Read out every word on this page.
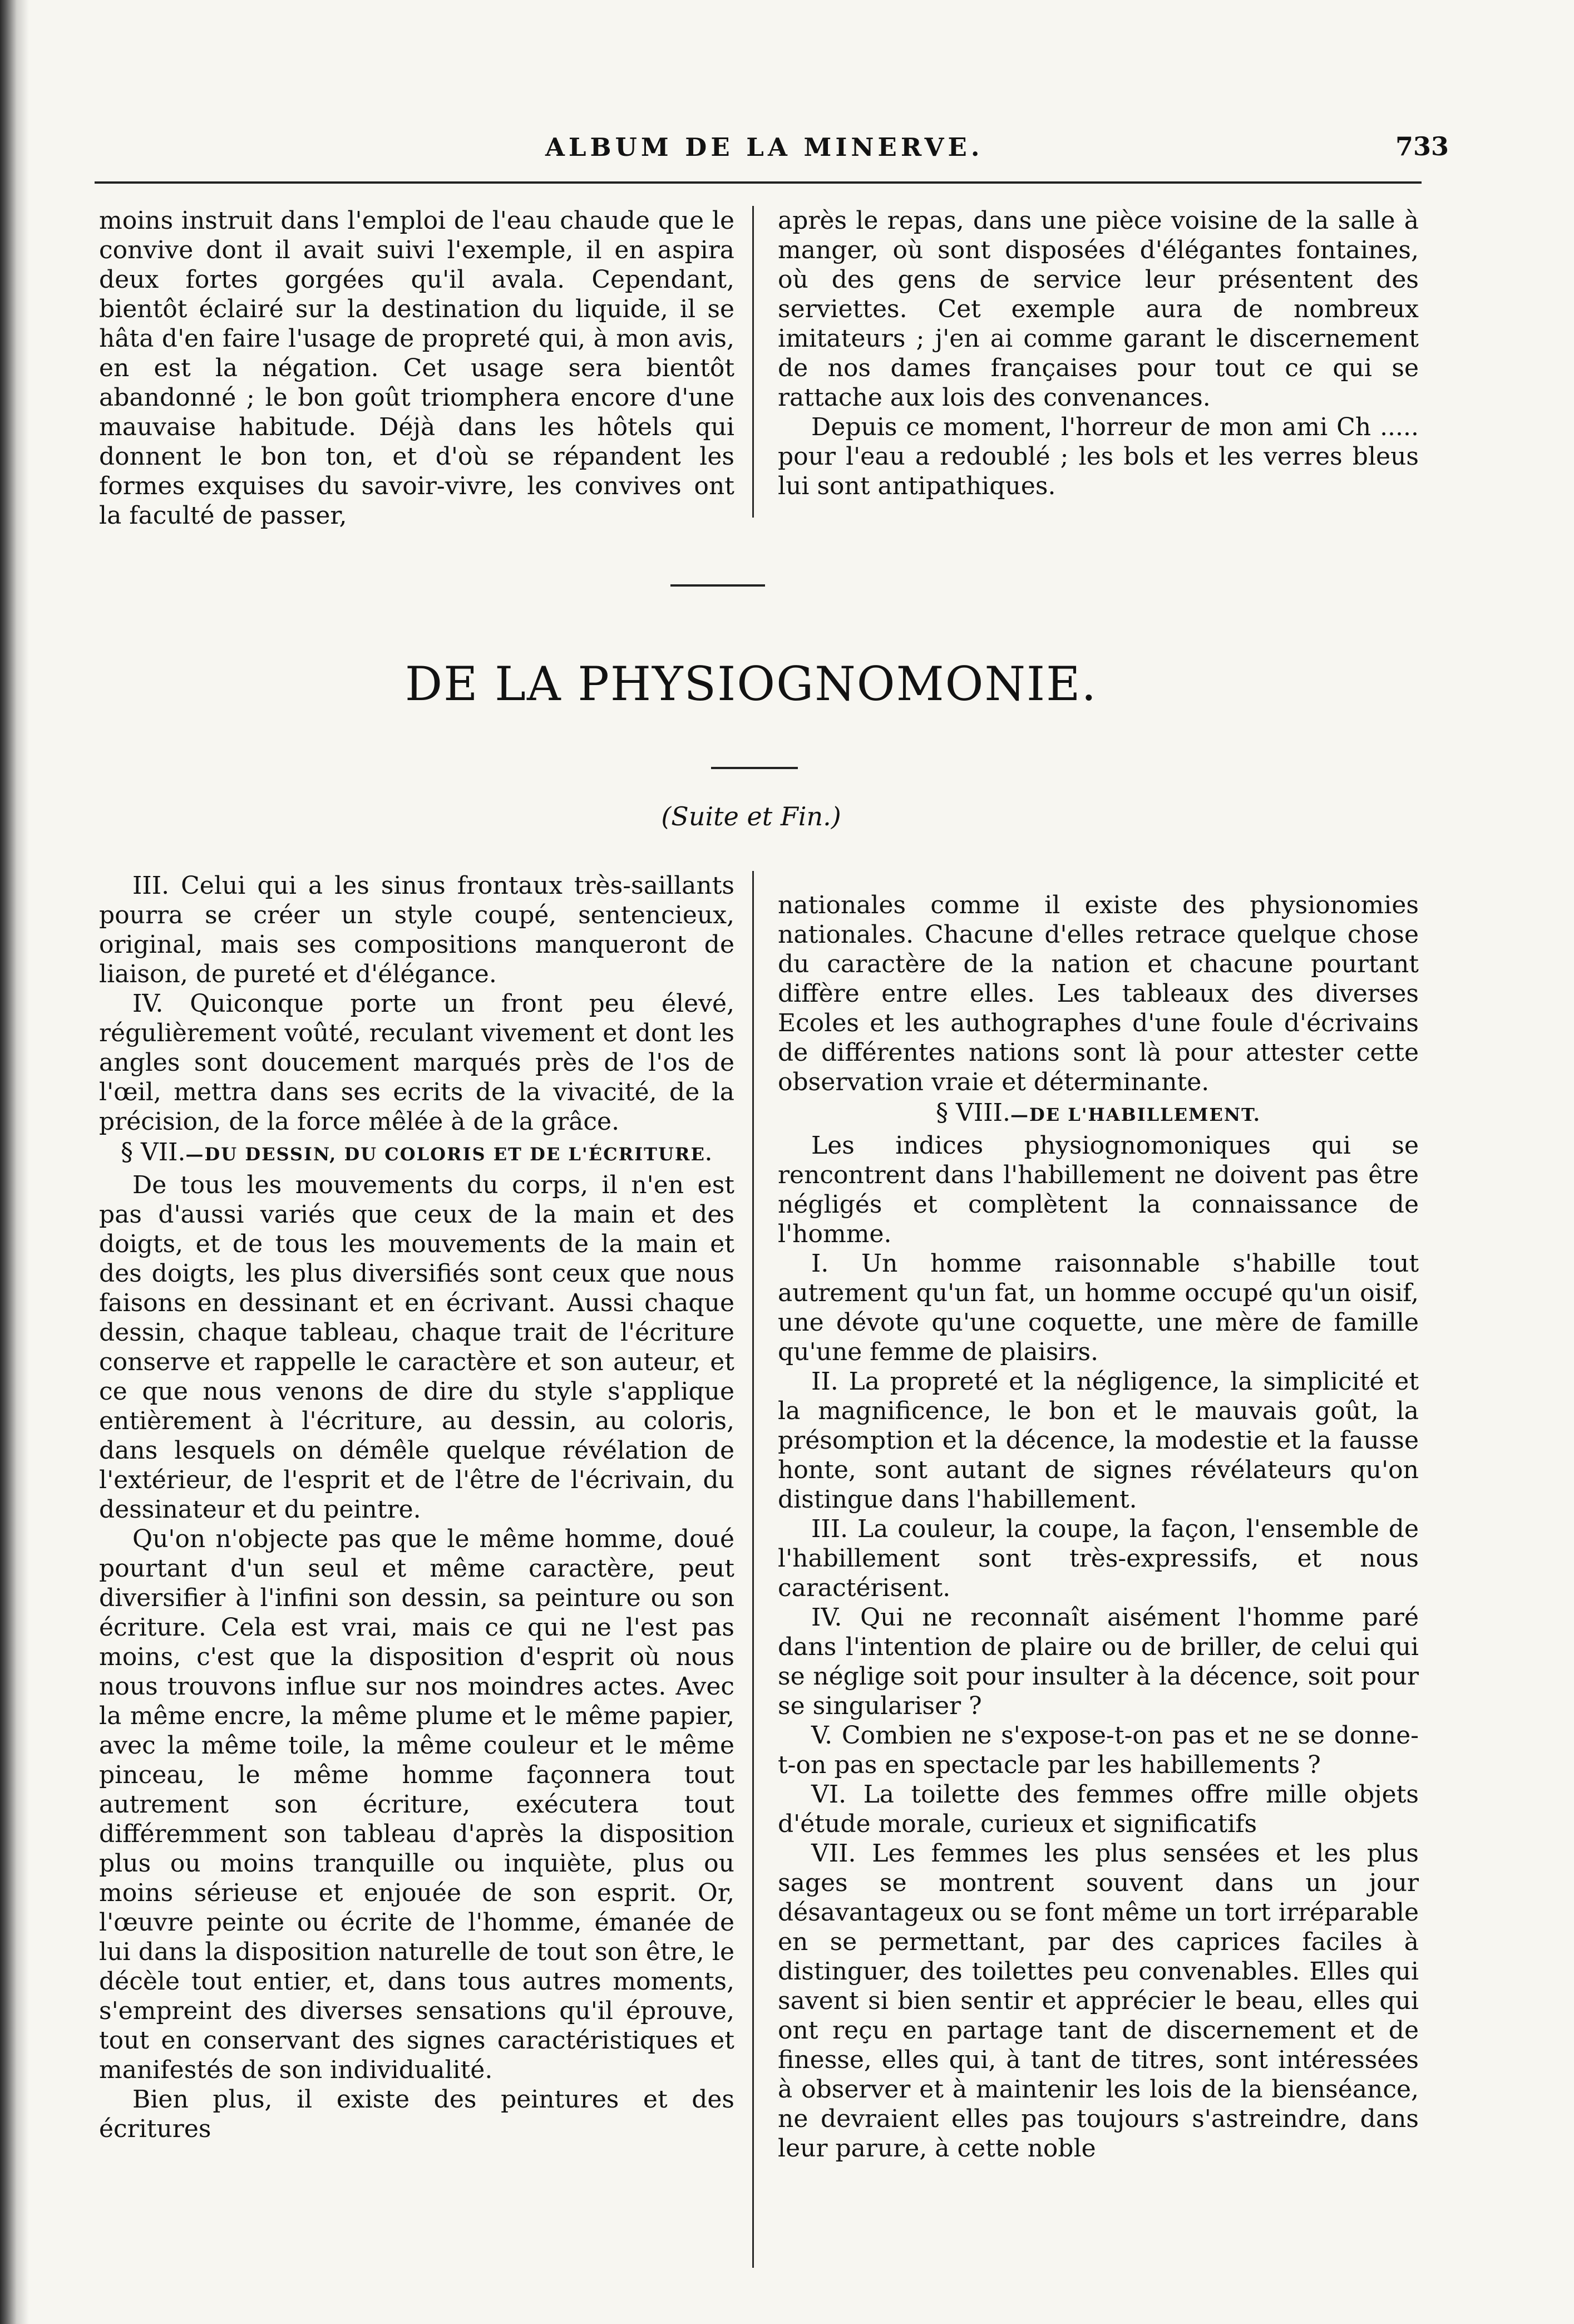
ALBUM DE LA MINERVE.	733

moins instruit dans l'emploi de l'eau chaude que le convive dont il avait suivi l'exemple, il en aspira deux fortes gorgées qu'il avala. Cependant, bientôt éclairé sur la destination du liquide, il se hâta d'en faire l'usage de propreté qui, à mon avis, en est la négation. Cet usage sera bientôt abandonné ; le bon goût triomphera encore d'une mauvaise habitude. Déjà dans les hôtels qui donnent le bon ton, et d'où se répandent les formes exquises du savoir-vivre, les convives ont la faculté de passer,

après le repas, dans une pièce voisine de la salle à manger, où sont disposées d'élégantes fontaines, où des gens de service leur présentent des serviettes. Cet exemple aura de nombreux imitateurs ; j'en ai comme garant le discernement de nos dames françaises pour tout ce qui se rattache aux lois des convenances.

Depuis ce moment, l'horreur de mon ami Ch ..... pour l'eau a redoublé ; les bols et les verres bleus lui sont antipathiques.

DE LA PHYSIOGNOMONIE.
(Suite et Fin.)

III. Celui qui a les sinus frontaux très-saillants pourra se créer un style coupé, sentencieux, original, mais ses compositions manqueront de liaison, de pureté et d'élégance.

IV. Quiconque porte un front peu élevé, régulièrement voûté, reculant vivement et dont les angles sont doucement marqués près de l'os de l'œil, mettra dans ses ecrits de la vivacité, de la précision, de la force mêlée à de la grâce.

§ VII.—DU DESSIN, DU COLORIS ET DE L'ÉCRITURE.

De tous les mouvements du corps, il n'en est pas d'aussi variés que ceux de la main et des doigts, et de tous les mouvements de la main et des doigts, les plus diversifiés sont ceux que nous faisons en dessinant et en écrivant. Aussi chaque dessin, chaque tableau, chaque trait de l'écriture conserve et rappelle le caractère et son auteur, et ce que nous venons de dire du style s'applique entièrement à l'écriture, au dessin, au coloris, dans lesquels on démêle quelque révélation de l'extérieur, de l'esprit et de l'être de l'écrivain, du dessinateur et du peintre.

Qu'on n'objecte pas que le même homme, doué pourtant d'un seul et même caractère, peut diversifier à l'infini son dessin, sa peinture ou son écriture. Cela est vrai, mais ce qui ne l'est pas moins, c'est que la disposition d'esprit où nous nous trouvons influe sur nos moindres actes. Avec la même encre, la même plume et le même papier, avec la même toile, la même couleur et le même pinceau, le même homme façonnera tout autrement son écriture, exécutera tout différemment son tableau d'après la disposition plus ou moins tranquille ou inquiète, plus ou moins sérieuse et enjouée de son esprit. Or, l'œuvre peinte ou écrite de l'homme, émanée de lui dans la disposition naturelle de tout son être, le décèle tout entier, et, dans tous autres moments, s'empreint des diverses sensations qu'il éprouve, tout en conservant des signes caractéristiques et manifestés de son individualité.

Bien plus, il existe des peintures et des écritures

nationales comme il existe des physionomies nationales. Chacune d'elles retrace quelque chose du caractère de la nation et chacune pourtant diffère entre elles. Les tableaux des diverses Ecoles et les authographes d'une foule d'écrivains de différentes nations sont là pour attester cette observation vraie et déterminante.

§ VIII.—DE L'HABILLEMENT.

Les indices physiognomoniques qui se rencontrent dans l'habillement ne doivent pas être négligés et complètent la connaissance de l'homme.

I. Un homme raisonnable s'habille tout autrement qu'un fat, un homme occupé qu'un oisif, une dévote qu'une coquette, une mère de famille qu'une femme de plaisirs.

II. La propreté et la négligence, la simplicité et la magnificence, le bon et le mauvais goût, la présomption et la décence, la modestie et la fausse honte, sont autant de signes révélateurs qu'on distingue dans l'habillement.

III. La couleur, la coupe, la façon, l'ensemble de l'habillement sont très-expressifs, et nous caractérisent.

IV. Qui ne reconnaît aisément l'homme paré dans l'intention de plaire ou de briller, de celui qui se néglige soit pour insulter à la décence, soit pour se singulariser ?

V. Combien ne s'expose-t-on pas et ne se donne-t-on pas en spectacle par les habillements ?

VI. La toilette des femmes offre mille objets d'étude morale, curieux et significatifs

VII. Les femmes les plus sensées et les plus sages se montrent souvent dans un jour désavantageux ou se font même un tort irréparable en se permettant, par des caprices faciles à distinguer, des toilettes peu convenables. Elles qui savent si bien sentir et apprécier le beau, elles qui ont reçu en partage tant de discernement et de finesse, elles qui, à tant de titres, sont intéressées à observer et à maintenir les lois de la bienséance, ne devraient elles pas toujours s'astreindre, dans leur parure, à cette noble
